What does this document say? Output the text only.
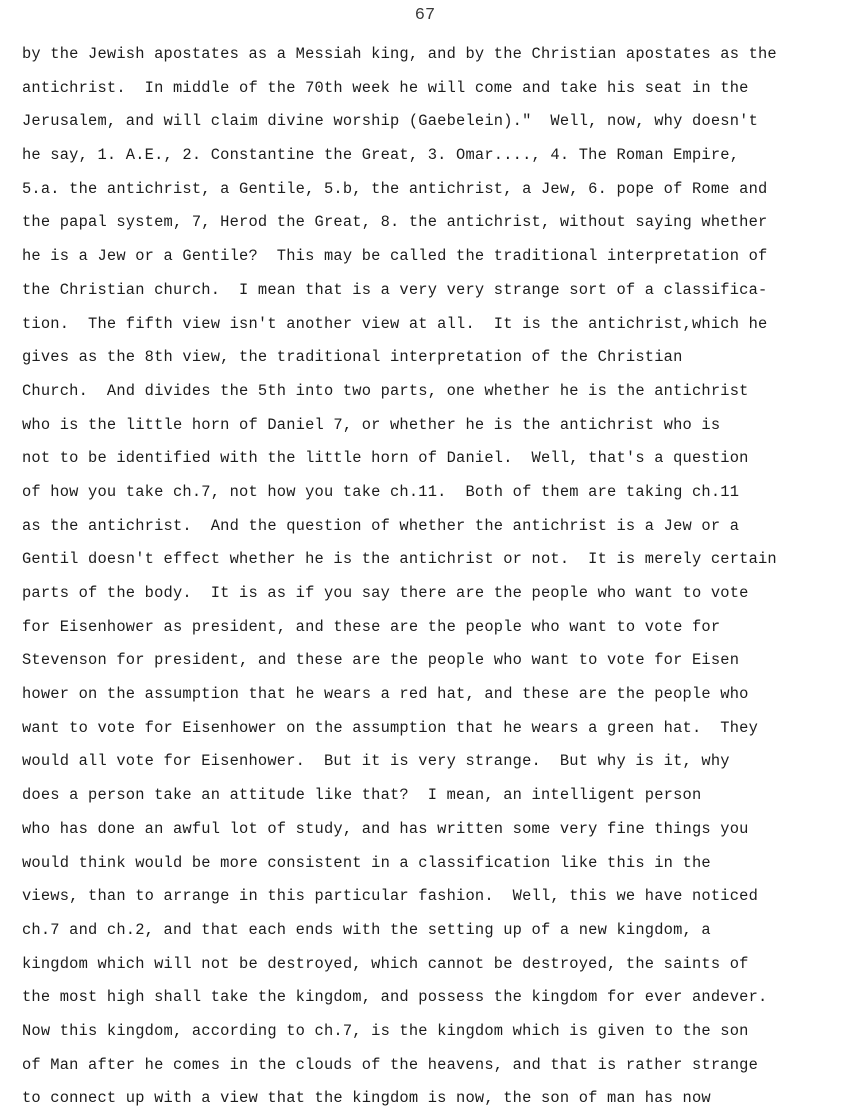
67
by the Jewish apostates as a Messiah king, and by the Christian apostates as the
antichrist.  In middle of the 70th week he will come and take his seat in the
Jerusalem, and will claim divine worship (Gaebelein)."  Well, now, why doesn't
he say, 1. A.E., 2. Constantine the Great, 3. Omar...., 4. The Roman Empire,
5.a. the antichrist, a Gentile, 5.b, the antichrist, a Jew, 6. pope of Rome and
the papal system, 7, Herod the Great, 8. the antichrist, without saying whether
he is a Jew or a Gentile?  This may be called the traditional interpretation of
the Christian church.  I mean that is a very very strange sort of a classifica-
tion.  The fifth view isn't another view at all.  It is the antichrist,which he
gives as the 8th view, the traditional interpretation of the Christian
Church.  And divides the 5th into two parts, one whether he is the antichrist
who is the little horn of Daniel 7, or whether he is the antichrist who is
not to be identified with the little horn of Daniel.  Well, that's a question
of how you take ch.7, not how you take ch.11.  Both of them are taking ch.11
as the antichrist.  And the question of whether the antichrist is a Jew or a
Gentil doesn't effect whether he is the antichrist or not.  It is merely certain
parts of the body.  It is as if you say there are the people who want to vote
for Eisenhower as president, and these are the people who want to vote for
Stevenson for president, and these are the people who want to vote for Eisen
hower on the assumption that he wears a red hat, and these are the people who
want to vote for Eisenhower on the assumption that he wears a green hat.  They
would all vote for Eisenhower.  But it is very strange.  But why is it, why
does a person take an attitude like that?  I mean, an intelligent person
who has done an awful lot of study, and has written some very fine things you
would think would be more consistent in a classification like this in the
views, than to arrange in this particular fashion.  Well, this we have noticed
ch.7 and ch.2, and that each ends with the setting up of a new kingdom, a
kingdom which will not be destroyed, which cannot be destroyed, the saints of
the most high shall take the kingdom, and possess the kingdom for ever andever.
Now this kingdom, according to ch.7, is the kingdom which is given to the son
of Man after he comes in the clouds of the heavens, and that is rather strange
to connect up with a view that the kingdom is now, the son of man has now
